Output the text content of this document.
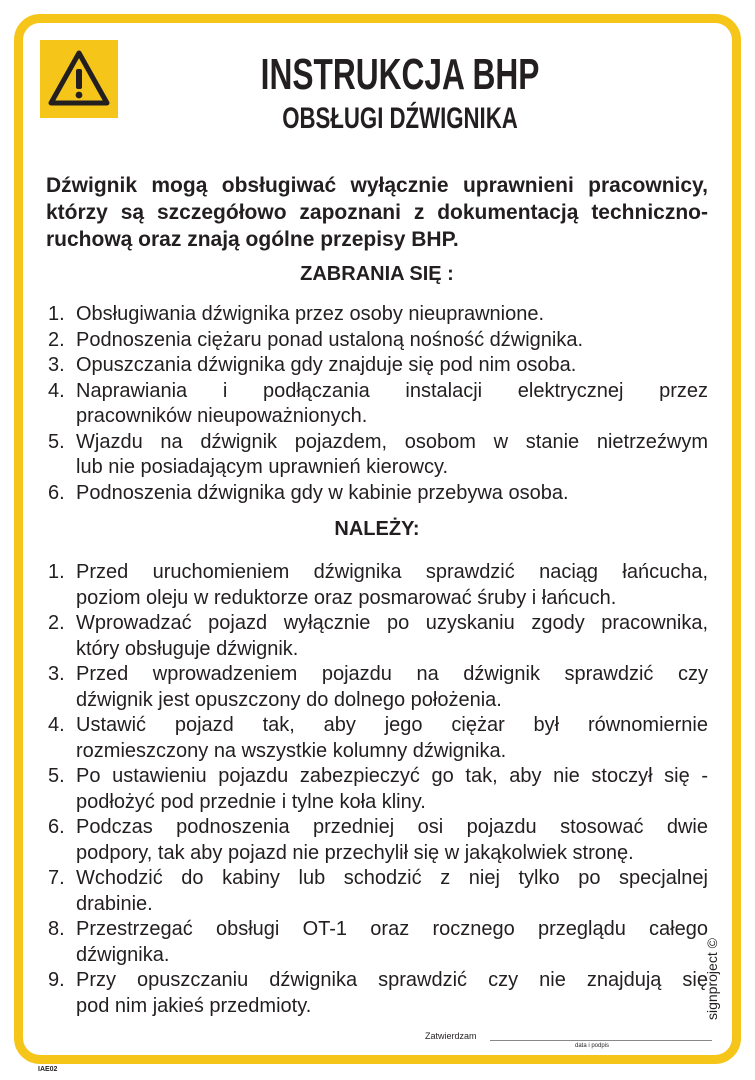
INSTRUKCJA BHP
OBSŁUGI DŹWIGNIKA
Dźwignik mogą obsługiwać wyłącznie uprawnieni pracownicy,
którzy są szczegółowo zapoznani z dokumentacją techniczno-
ruchową oraz znają ogólne przepisy BHP.
ZABRANIA SIĘ :
1. Obsługiwania dźwignika przez osoby nieuprawnione.
2. Podnoszenia ciężaru ponad ustaloną nośność dźwignika.
3. Opuszczania dźwignika gdy znajduje się pod nim osoba.
4. Naprawiania i podłączania instalacji elektrycznej przez
pracowników nieupoważnionych.
5. Wjazdu na dźwignik pojazdem, osobom w stanie nietrzeźwym
lub nie posiadającym uprawnień kierowcy.
6. Podnoszenia dźwignika gdy w kabinie przebywa osoba.
NALEŻY:
1. Przed uruchomieniem dźwignika sprawdzić naciąg łańcucha,
poziom oleju w reduktorze oraz posmarować śruby i łańcuch.
2. Wprowadzać pojazd wyłącznie po uzyskaniu zgody pracownika,
który obsługuje dźwignik.
3. Przed wprowadzeniem pojazdu na dźwignik sprawdzić czy
dźwignik jest opuszczony do dolnego położenia.
4. Ustawić pojazd tak, aby jego ciężar był równomiernie
rozmieszczony na wszystkie kolumny dźwignika.
5. Po ustawieniu pojazdu zabezpieczyć go tak, aby nie stoczył się -
podłożyć pod przednie i tylne koła kliny.
6. Podczas podnoszenia przedniej osi pojazdu stosować dwie
podpory, tak aby pojazd nie przechylił się w jakąkolwiek stronę.
7. Wchodzić do kabiny lub schodzić z niej tylko po specjalnej
drabinie.
8. Przestrzegać obsługi OT-1 oraz rocznego przeglądu całego
dźwignika.
9. Przy opuszczaniu dźwignika sprawdzić czy nie znajdują się
pod nim jakieś przedmioty.	signproject ©
Zatwierdzam
data i podpis
IAE02
